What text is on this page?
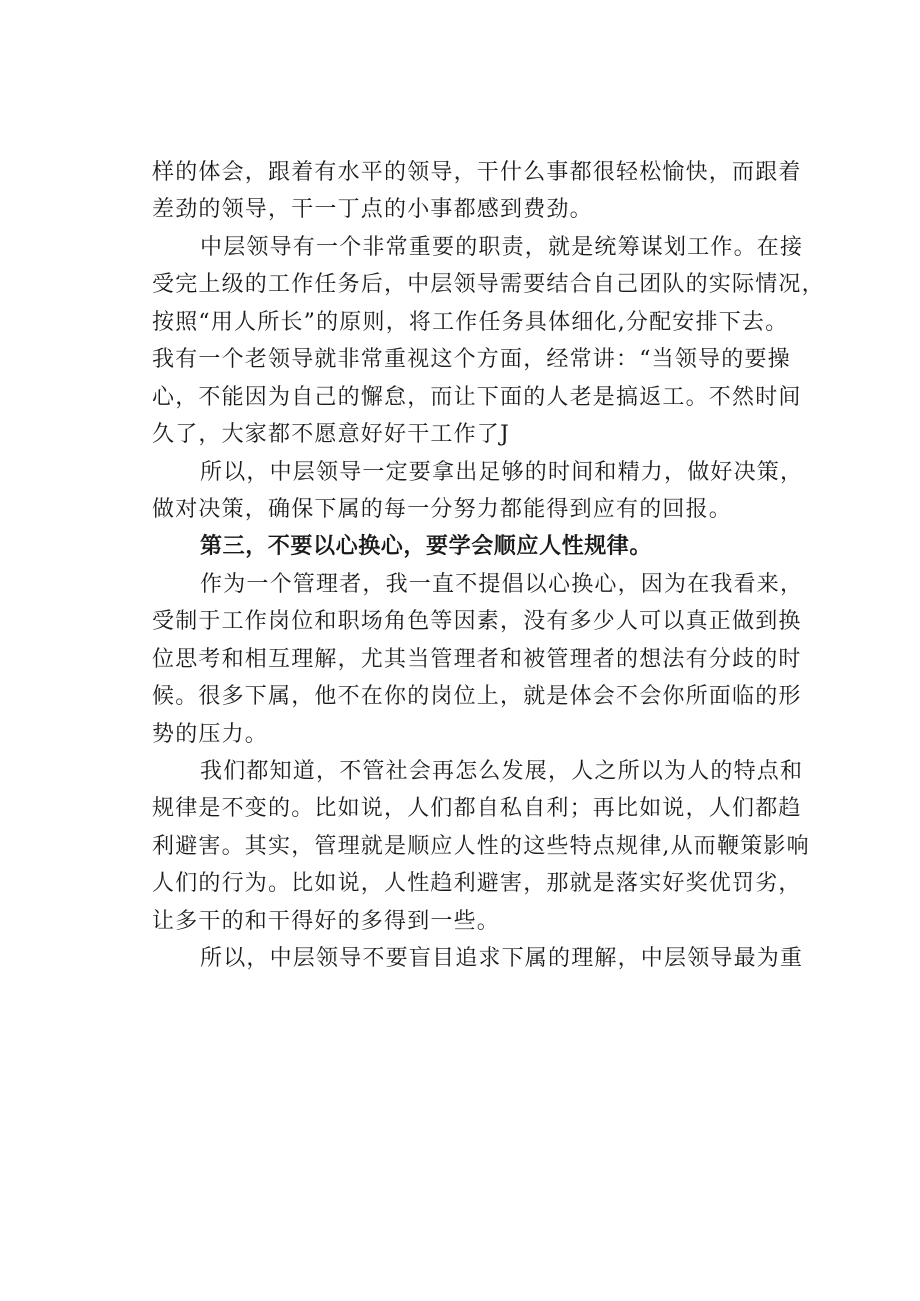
样的体会，跟着有水平的领导，干什么事都很轻松愉快，而跟着
差劲的领导，干一丁点的小事都感到费劲。
中层领导有一个非常重要的职责，就是统筹谋划工作。在接
受完上级的工作任务后，中层领导需要结合自己团队的实际情况，
按照“用人所长”的原则，将工作任务具体细化,分配安排下去。
我有一个老领导就非常重视这个方面，经常讲：“当领导的要操
心，不能因为自己的懈怠，而让下面的人老是搞返工。不然时间
久了，大家都不愿意好好干工作了J
所以，中层领导一定要拿出足够的时间和精力，做好决策，
做对决策，确保下属的每一分努力都能得到应有的回报。
第三，不要以心换心，要学会顺应人性规律。
作为一个管理者，我一直不提倡以心换心，因为在我看来，
受制于工作岗位和职场角色等因素，没有多少人可以真正做到换
位思考和相互理解，尤其当管理者和被管理者的想法有分歧的时
候。很多下属，他不在你的岗位上，就是体会不会你所面临的形
势的压力。
我们都知道，不管社会再怎么发展，人之所以为人的特点和
规律是不变的。比如说，人们都自私自利；再比如说，人们都趋
利避害。其实，管理就是顺应人性的这些特点规律,从而鞭策影响
人们的行为。比如说，人性趋利避害，那就是落实好奖优罚劣，
让多干的和干得好的多得到一些。
所以，中层领导不要盲目追求下属的理解，中层领导最为重
